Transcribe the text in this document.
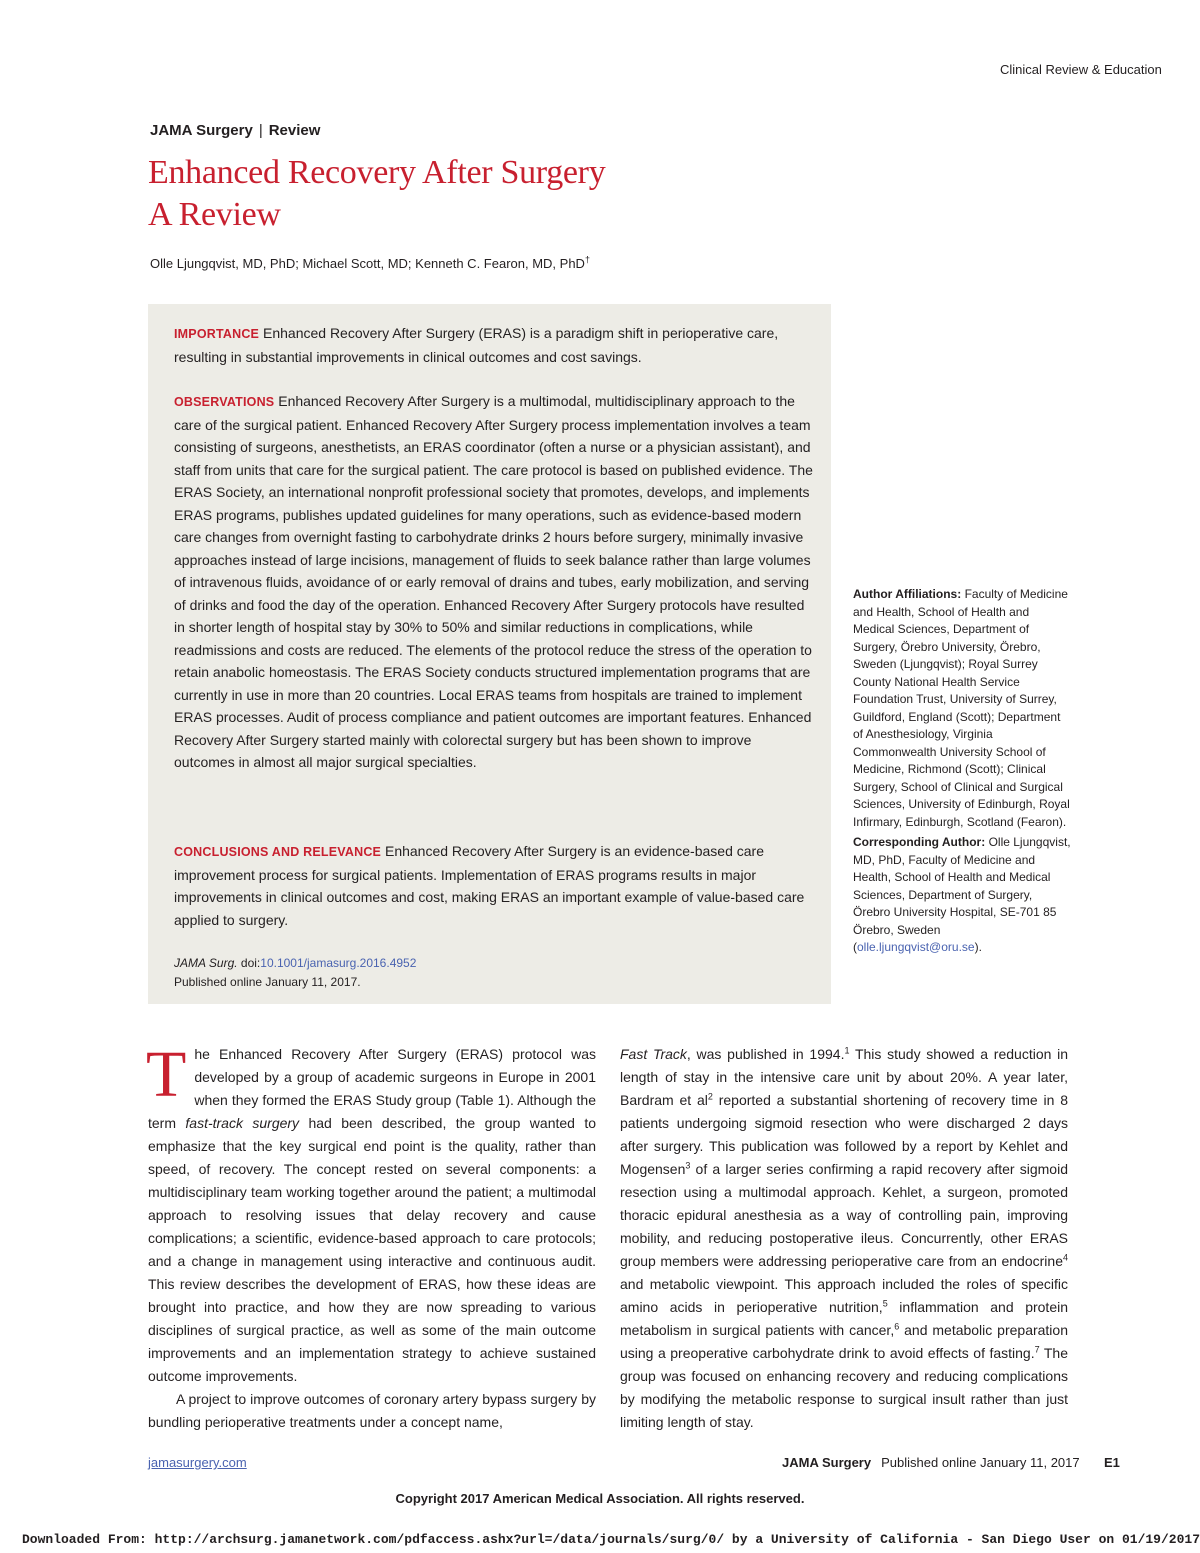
Clinical Review & Education
JAMA Surgery | Review
Enhanced Recovery After Surgery
A Review
Olle Ljungqvist, MD, PhD; Michael Scott, MD; Kenneth C. Fearon, MD, PhD†
IMPORTANCE Enhanced Recovery After Surgery (ERAS) is a paradigm shift in perioperative care, resulting in substantial improvements in clinical outcomes and cost savings.
OBSERVATIONS Enhanced Recovery After Surgery is a multimodal, multidisciplinary approach to the care of the surgical patient. Enhanced Recovery After Surgery process implementation involves a team consisting of surgeons, anesthetists, an ERAS coordinator (often a nurse or a physician assistant), and staff from units that care for the surgical patient. The care protocol is based on published evidence. The ERAS Society, an international nonprofit professional society that promotes, develops, and implements ERAS programs, publishes updated guidelines for many operations, such as evidence-based modern care changes from overnight fasting to carbohydrate drinks 2 hours before surgery, minimally invasive approaches instead of large incisions, management of fluids to seek balance rather than large volumes of intravenous fluids, avoidance of or early removal of drains and tubes, early mobilization, and serving of drinks and food the day of the operation. Enhanced Recovery After Surgery protocols have resulted in shorter length of hospital stay by 30% to 50% and similar reductions in complications, while readmissions and costs are reduced. The elements of the protocol reduce the stress of the operation to retain anabolic homeostasis. The ERAS Society conducts structured implementation programs that are currently in use in more than 20 countries. Local ERAS teams from hospitals are trained to implement ERAS processes. Audit of process compliance and patient outcomes are important features. Enhanced Recovery After Surgery started mainly with colorectal surgery but has been shown to improve outcomes in almost all major surgical specialties.
CONCLUSIONS AND RELEVANCE Enhanced Recovery After Surgery is an evidence-based care improvement process for surgical patients. Implementation of ERAS programs results in major improvements in clinical outcomes and cost, making ERAS an important example of value-based care applied to surgery.
JAMA Surg. doi:10.1001/jamasurg.2016.4952
Published online January 11, 2017.
Author Affiliations: Faculty of Medicine and Health, School of Health and Medical Sciences, Department of Surgery, Örebro University, Örebro, Sweden (Ljungqvist); Royal Surrey County National Health Service Foundation Trust, University of Surrey, Guildford, England (Scott); Department of Anesthesiology, Virginia Commonwealth University School of Medicine, Richmond (Scott); Clinical Surgery, School of Clinical and Surgical Sciences, University of Edinburgh, Royal Infirmary, Edinburgh, Scotland (Fearon).
Corresponding Author: Olle Ljungqvist, MD, PhD, Faculty of Medicine and Health, School of Health and Medical Sciences, Department of Surgery, Örebro University Hospital, SE-701 85 Örebro, Sweden (olle.ljungqvist@oru.se).

The Enhanced Recovery After Surgery (ERAS) protocol was developed by a group of academic surgeons in Europe in 2001 when they formed the ERAS Study group (Table 1). Although the term fast-track surgery had been described, the group wanted to emphasize that the key surgical end point is the quality, rather than speed, of recovery. The concept rested on several components: a multidisciplinary team working together around the patient; a multimodal approach to resolving issues that delay recovery and cause complications; a scientific, evidence-based approach to care protocols; and a change in management using interactive and continuous audit. This review describes the development of ERAS, how these ideas are brought into practice, and how they are now spreading to various disciplines of surgical practice, as well as some of the main outcome improvements and an implementation strategy to achieve sustained outcome improvements.

A project to improve outcomes of coronary artery bypass surgery by bundling perioperative treatments under a concept name,

Fast Track, was published in 1994.$^1$ This study showed a reduction in length of stay in the intensive care unit by about 20%. A year later, Bardram et $al^2$ reported a substantial shortening of recovery time in 8 patients undergoing sigmoid resection who were discharged 2 days after surgery. This publication was followed by a report by Kehlet and Mogensen$^3$ of a larger series confirming a rapid recovery after sigmoid resection using a multimodal approach. Kehlet, a surgeon, promoted thoracic epidural anesthesia as a way of controlling pain, improving mobility, and reducing postoperative ileus. Concurrently, other ERAS group members were addressing perioperative care from an endocrine$^4$ and metabolic viewpoint. This approach included the roles of specific amino acids in perioperative nutrition,$^5$ inflammation and protein metabolism in surgical patients with cancer,$^6$ and metabolic preparation using a preoperative carbohydrate drink to avoid effects of fasting.$^7$ The group was focused on enhancing recovery and reducing complications by modifying the metabolic response to surgical insult rather than just limiting length of stay.

jamasurgery.com	JAMA Surgery Published online January 11, 2017 E1
Copyright 2017 American Medical Association. All rights reserved.
Downloaded From: http://archsurg.jamanetwork.com/pdfaccess.ashx?url=/data/journals/surg/0/ by a University of California - San Diego User on 01/19/2017
